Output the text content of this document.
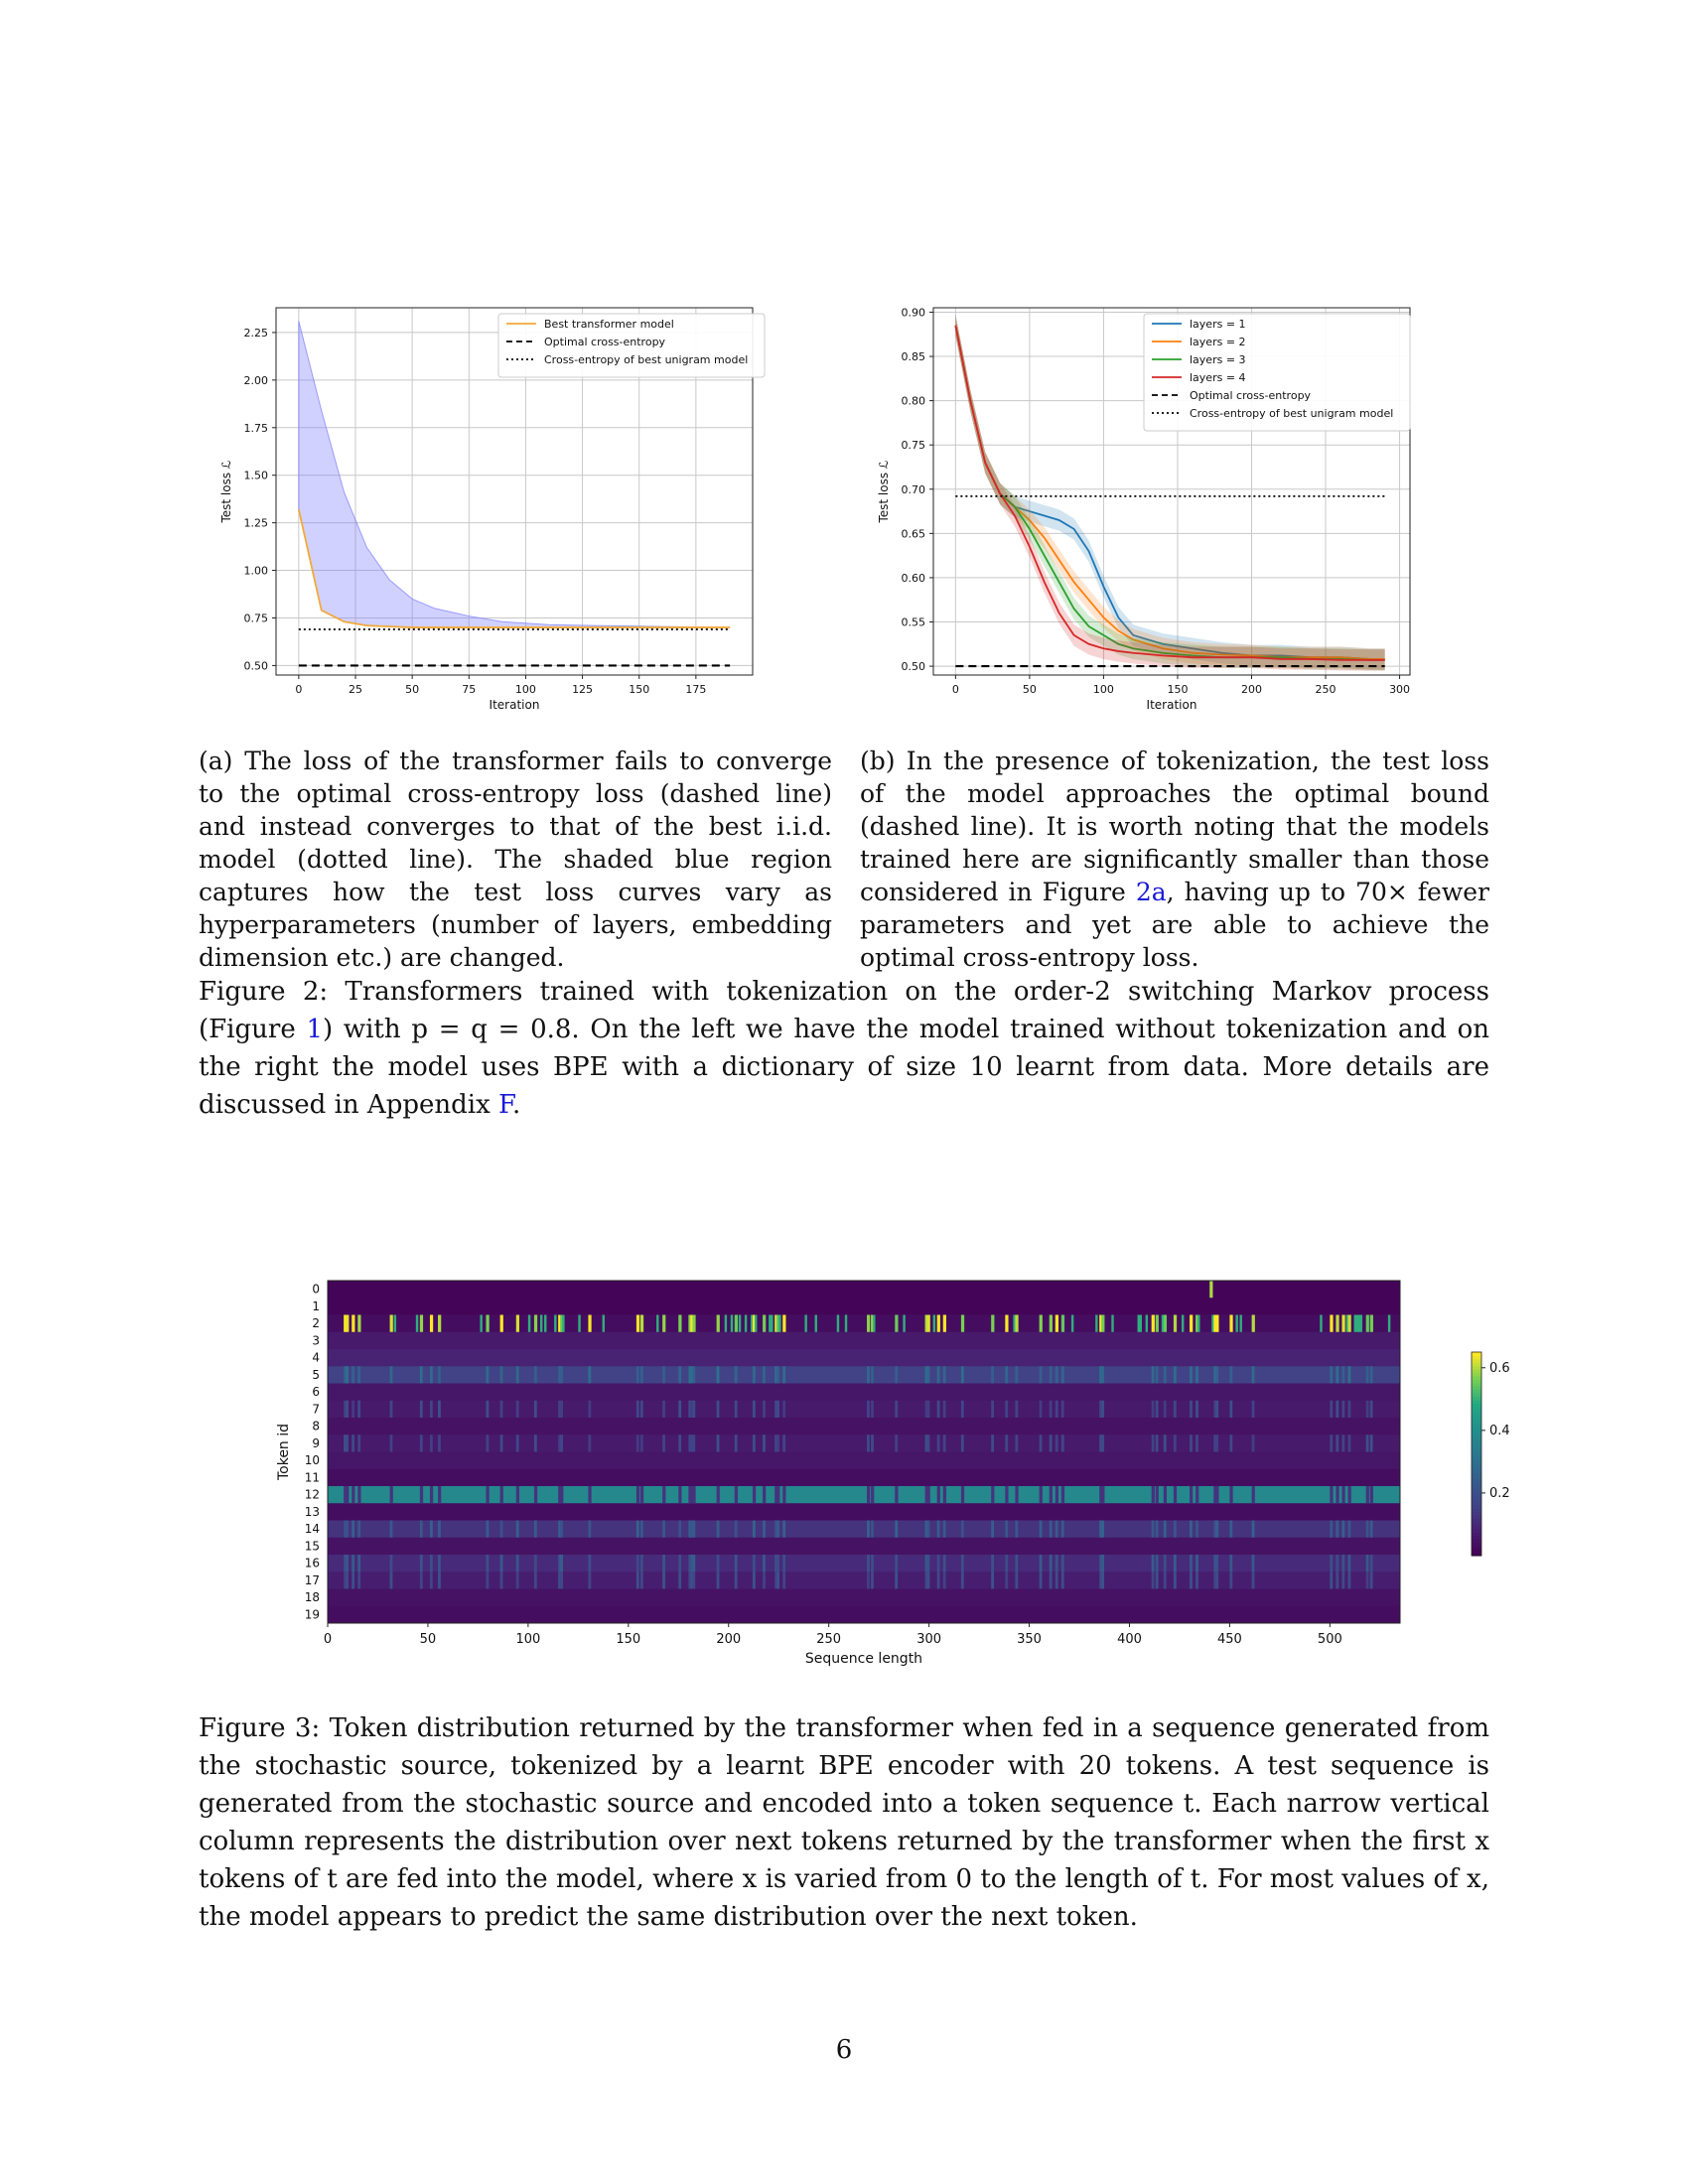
0	25	50	75	100	125	150	175
0.50
0.75
1.00
1.25
1.50
1.75
2.00
2.25
Iteration
Test loss ℒ
Best transformer model
Optimal cross-entropy
Cross-entropy of best unigram model
0	50	100	150	200	250	300
0.50
0.55
0.60
0.65
0.70
0.75
0.80
0.85
0.90
Iteration
Test loss ℒ
layers = 1
layers = 2
layers = 3
layers = 4
Optimal cross-entropy
Cross-entropy of best unigram model
(a) The loss of the transformer fails to converge to the optimal cross-entropy loss (dashed line) and instead converges to that of the best i.i.d. model (dotted line). The shaded blue region captures how the test loss curves vary as hyperparameters (number of layers, embedding dimension etc.) are changed.
(b) In the presence of tokenization, the test loss of the model approaches the optimal bound (dashed line). It is worth noting that the models trained here are significantly smaller than those considered in Figure 2a, having up to 70× fewer parameters and yet are able to achieve the optimal cross-entropy loss.
Figure 2: Transformers trained with tokenization on the order-2 switching Markov process (Figure 1) with p = q = 0.8. On the left we have the model trained without tokenization and on the right the model uses BPE with a dictionary of size 10 learnt from data. More details are discussed in Appendix F.
0
1
2
3
4
5
6
7
8
9
10
11
12
13
14
15
16
17
18
19
0	50	100	150	200	250	300	350	400	450	500
Sequence length
Token id
0.2
0.4
0.6
Figure 3: Token distribution returned by the transformer when fed in a sequence generated from the stochastic source, tokenized by a learnt BPE encoder with 20 tokens. A test sequence is generated from the stochastic source and encoded into a token sequence t. Each narrow vertical column represents the distribution over next tokens returned by the transformer when the first x tokens of t are fed into the model, where x is varied from 0 to the length of t. For most values of x, the model appears to predict the same distribution over the next token.
6
